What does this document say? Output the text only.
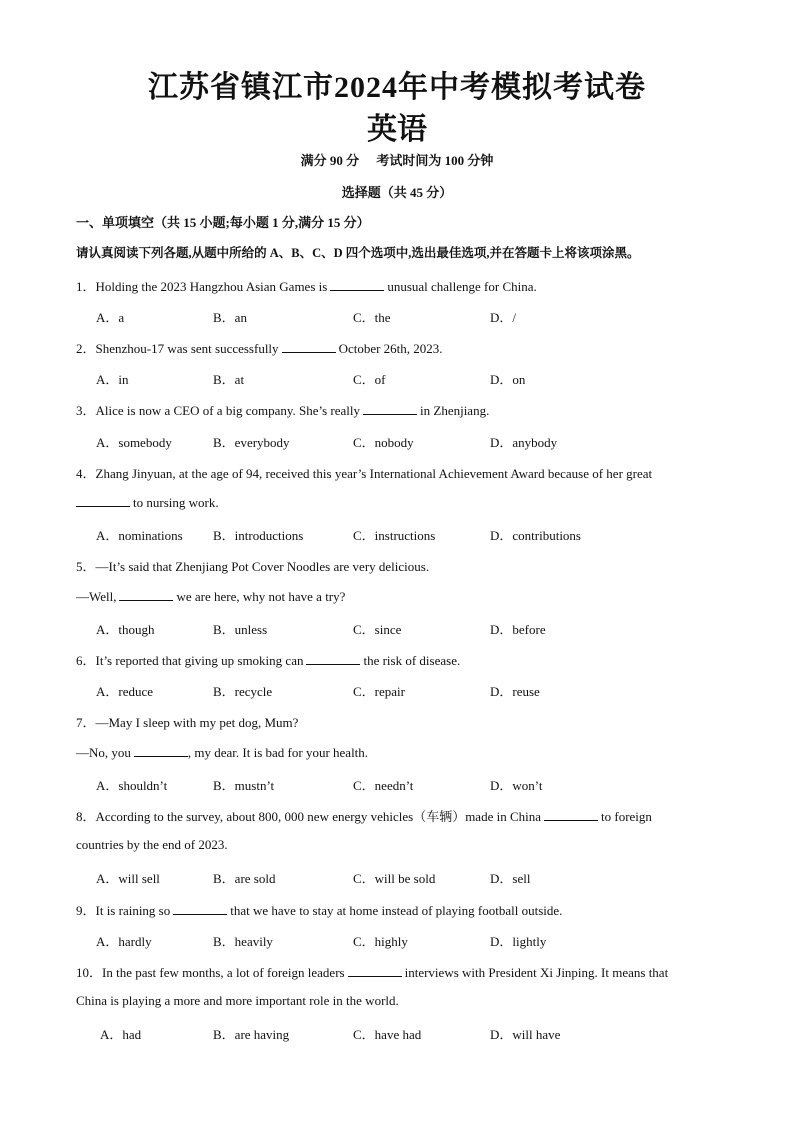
江苏省镇江市2024年中考模拟考试卷
英语
满分 90 分 考试时间为 100 分钟
选择题（共 45 分）
一、单项填空（共 15 小题;每小题 1 分,满分 15 分）
请认真阅读下列各题,从题中所给的 A、B、C、D 四个选项中,选出最佳选项,并在答题卡上将该项涂黑。
1．Holding the 2023 Hangzhou Asian Games is	unusual challenge for China.
A．a	B．an	C．the	D．/
2．Shenzhou-17 was sent successfully	October 26th, 2023.
A．in	B．at	C．of	D．on
3．Alice is now a CEO of a big company. She’s really	in Zhenjiang.
A．somebody	B．everybody	C．nobody	D．anybody
4．Zhang Jinyuan, at the age of 94, received this year’s International Achievement Award because of her great
to nursing work.
A．nominations B．introductions	C．instructions	D．contributions
5．—It’s said that Zhenjiang Pot Cover Noodles are very delicious.
—Well,	we are here, why not have a try?
A．though	B．unless	C．since	D．before
6．It’s reported that giving up smoking can	the risk of disease.
A．reduce	B．recycle	C．repair	D．reuse
7．—May I sleep with my pet dog, Mum?
—No, you	, my dear. It is bad for your health.
A．shouldn’t	B．mustn’t	C．needn’t	D．won’t
8．According to the survey, about 800, 000 new energy vehicles（车辆）made in China	to foreign
countries by the end of 2023.
A．will sell	B．are sold	C．will be sold	D．sell
9．It is raining so	that we have to stay at home instead of playing football outside.
A．hardly	B．heavily	C．highly	D．lightly
10．In the past few months, a lot of foreign leaders	interviews with President Xi Jinping. It means that
China is playing a more and more important role in the world.
A．had	B．are having	C．have had	D．will have
